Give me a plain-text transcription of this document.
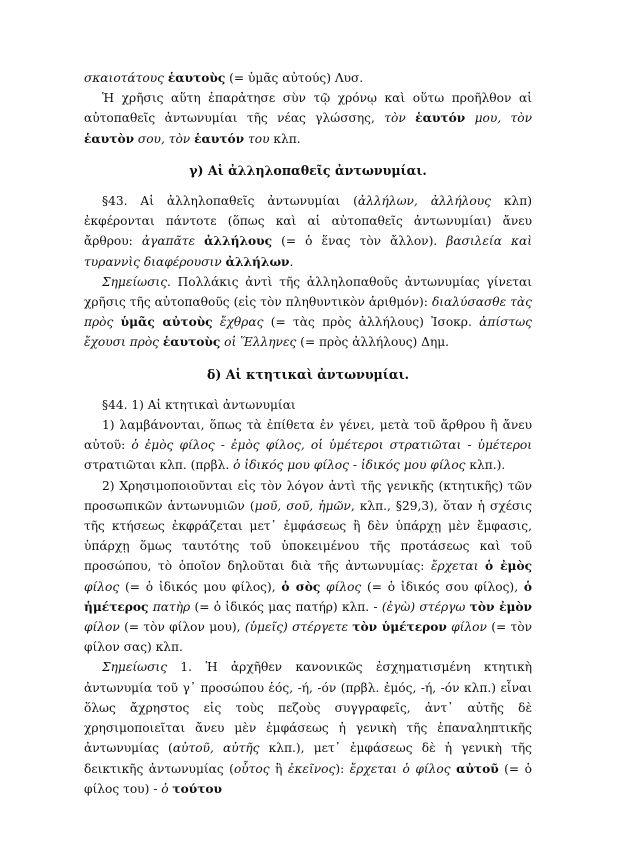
σκαιοτάτους ἑαυτοὺς (= ὑμᾶς αὐτούς) Λυσ.

Ἡ χρῆσις αὕτη ἐπαρἀτησε σὺν τῷ χρόνῳ καὶ οὕτω προῆλθον αἱ αὐτοπαθεῖς ἀντωνυμίαι τῆς νέας γλώσσης, τὸν ἑαυτόν μου, τὸν ἑαυτὸν σου, τὸν ἑαυτόν του κλπ.

γ) Αἱ ἀλληλοπαθεῖς ἀντωνυμίαι.

§43. Αἱ ἀλληλοπαθεῖς ἀντωνυμίαι (ἀλλήλων, ἀλλήλους κλπ) ἐκφέρονται πάντοτε (ὅπως καὶ αἱ αὐτοπαθεῖς ἀντωνυμίαι) ἄνευ ἄρθρου: ἀγαπᾶτε ἀλλήλους (= ὁ ἕνας τὸν ἄλλον). βασιλεία καὶ τυραννὶς διαφέρουσιν ἀλλήλων.

Σημείωσις. Πολλάκις ἀντὶ τῆς ἀλληλοπαθοῦς ἀντωνυμίας γίνεται χρῆσις τῆς αὐτοπαθοῦς (εἰς τὸν πληθυντικὸν ἀριθμόν): διαλύσασθε τὰς πρὸς ὑμᾶς αὐτοὺς ἔχθρας (= τὰς πρὸς ἀλλήλους) Ἰσοκρ. ἀπίστως ἔχουσι πρὸς ἑαυτοὺς οἱ Ἕλληνες (= πρὸς ἀλλήλους) Δημ.

δ) Αἱ κτητικαὶ ἀντωνυμίαι.

§44. 1) Αἱ κτητικαὶ ἀντωνυμίαι

1) λαμβάνονται, ὅπως τὰ ἐπίθετα ἐν γένει, μετὰ τοῦ ἄρθρου ἢ ἄνευ αὐτοῦ: ὁ ἐμὸς φίλος - ἐμὸς φίλος, οἱ ὑμέτεροι στρατιῶται - ὑμέτεροι στρατιῶται κλπ. (πρβλ. ὁ ἰδικός μου φίλος - ἰδικός μου φίλος κλπ.).

2) Χρησιμοποιοῦνται εἰς τὸν λόγον ἀντὶ τῆς γενικῆς (κτητικῆς) τῶν προσωπικῶν ἀντωνυμιῶν (μοῦ, σοῦ, ἡμῶν, κλπ., §29,3), ὅταν ἡ σχέσις τῆς κτήσεως ἐκφράζεται μετ᾽ ἐμφάσεως ἢ δὲν ὑπάρχῃ μὲν ἔμφασις, ὑπάρχῃ ὅμως ταυτότης τοῦ ὑποκειμένου τῆς προτάσεως καὶ τοῦ προσώπου, τὸ ὁποῖον δηλοῦται διὰ τῆς ἀντωνυμίας: ἔρχεται ὁ ἐμὸς φίλος (= ὁ ἰδικός μου φίλος), ὁ σὸς φίλος (= ὁ ἰδικός σου φίλος), ὁ ἡμέτερος πατὴρ (= ὁ ἰδικός μας πατήρ) κλπ. - (ἐγὼ) στέργω τὸν ἐμὸν φίλον (= τὸν φίλον μου), (ὑμεῖς) στέργετε τὸν ὑμέτερον φίλον (= τὸν φίλον σας) κλπ.

Σημείωσις 1. Ἡ ἀρχῆθεν κανονικῶς ἐσχηματισμένη κτητικὴ ἀντωνυμία τοῦ γ᾽ προσώπου ἑός, -ή, -όν (πρβλ. ἐμός, -ή, -όν κλπ.) εἶναι ὅλως ἄχρηστος εἰς τοὺς πεζοὺς συγγραφεῖς, ἀντ᾽ αὐτῆς δὲ χρησιμοποιεῖται ἄνευ μὲν ἐμφάσεως ἡ γενικὴ τῆς ἐπαναληπτικῆς ἀντωνυμίας (αὐτοῦ, αὐτῆς κλπ.), μετ᾽ ἐμφάσεως δὲ ἡ γενικὴ τῆς δεικτικῆς ἀντωνυμίας (οὗτος ἢ ἐκεῖνος): ἔρχεται ὁ φίλος αὐτοῦ (= ὁ φίλος του) - ὁ τούτου
